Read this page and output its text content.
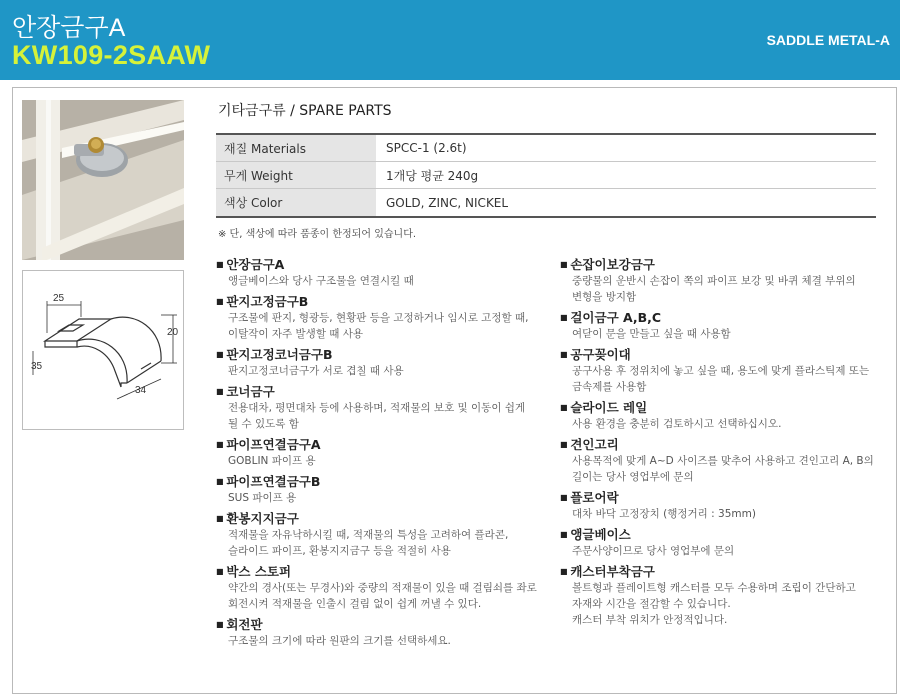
안장금구A
KW109-2SAAW	SADDLE METAL-A
25
20
35
34
기타금구류 / SPARE PARTS
재질 Materials	SPCC-1 (2.6t)
무게 Weight	1개당 평균 240g
색상 Color	GOLD, ZINC, NICKEL
※ 단, 색상에 따라 품종이 한정되어 있습니다.
■ 안장금구A
앵글베이스와 당사 구조물을 연결시킬 때
■ 판지고정금구B
구조물에 판지, 형광등, 현황판 등을 고정하거나 임시로 고정할 때,
이탈작이 자주 발생할 때 사용
■ 판지고정코너금구B
판지고정코너금구가 서로 겹칠 때 사용
■ 코너금구
전용대차, 평면대차 등에 사용하며, 적재물의 보호 및 이동이 쉽게
될 수 있도록 함
■ 파이프연결금구A
GOBLIN 파이프 용
■ 파이프연결금구B
SUS 파이프 용
■ 환봉지지금구
적재물을 자유낙하시킬 때, 적재물의 특성을 고려하여 플라콘,
슬라이드 파이프, 환봉지지금구 등을 적절히 사용
■ 박스 스토퍼
약간의 경사(또는 무경사)와 중량의 적재물이 있을 때 걸림쇠를 좌로
회전시켜 적재물을 인출시 걸림 없이 쉽게 꺼낼 수 있다.
■ 회전판
구조물의 크기에 따라 원판의 크기를 선택하세요.
■ 손잡이보강금구
중량물의 운반시 손잡이 쪽의 파이프 보강 및 바퀴 체결 부위의
변형을 방지함
■ 걸이금구 A,B,C
여닫이 문을 만들고 싶을 때 사용함
■ 공구꽂이대
공구사용 후 정위치에 놓고 싶을 때, 용도에 맞게 플라스틱제 또는
금속제를 사용함
■ 슬라이드 레일
사용 환경을 충분히 검토하시고 선택하십시오.
■ 견인고리
사용목적에 맞게 A~D 사이즈를 맞추어 사용하고 견인고리 A, B의
길이는 당사 영업부에 문의
■ 플로어락
대차 바닥 고정장치 (행정거리 : 35mm)
■ 앵글베이스
주문사양이므로 당사 영업부에 문의
■ 캐스터부착금구
볼트형과 플레이트형 캐스터를 모두 수용하며 조립이 간단하고
자재와 시간을 절감할 수 있습니다.
캐스터 부착 위치가 안정적입니다.
